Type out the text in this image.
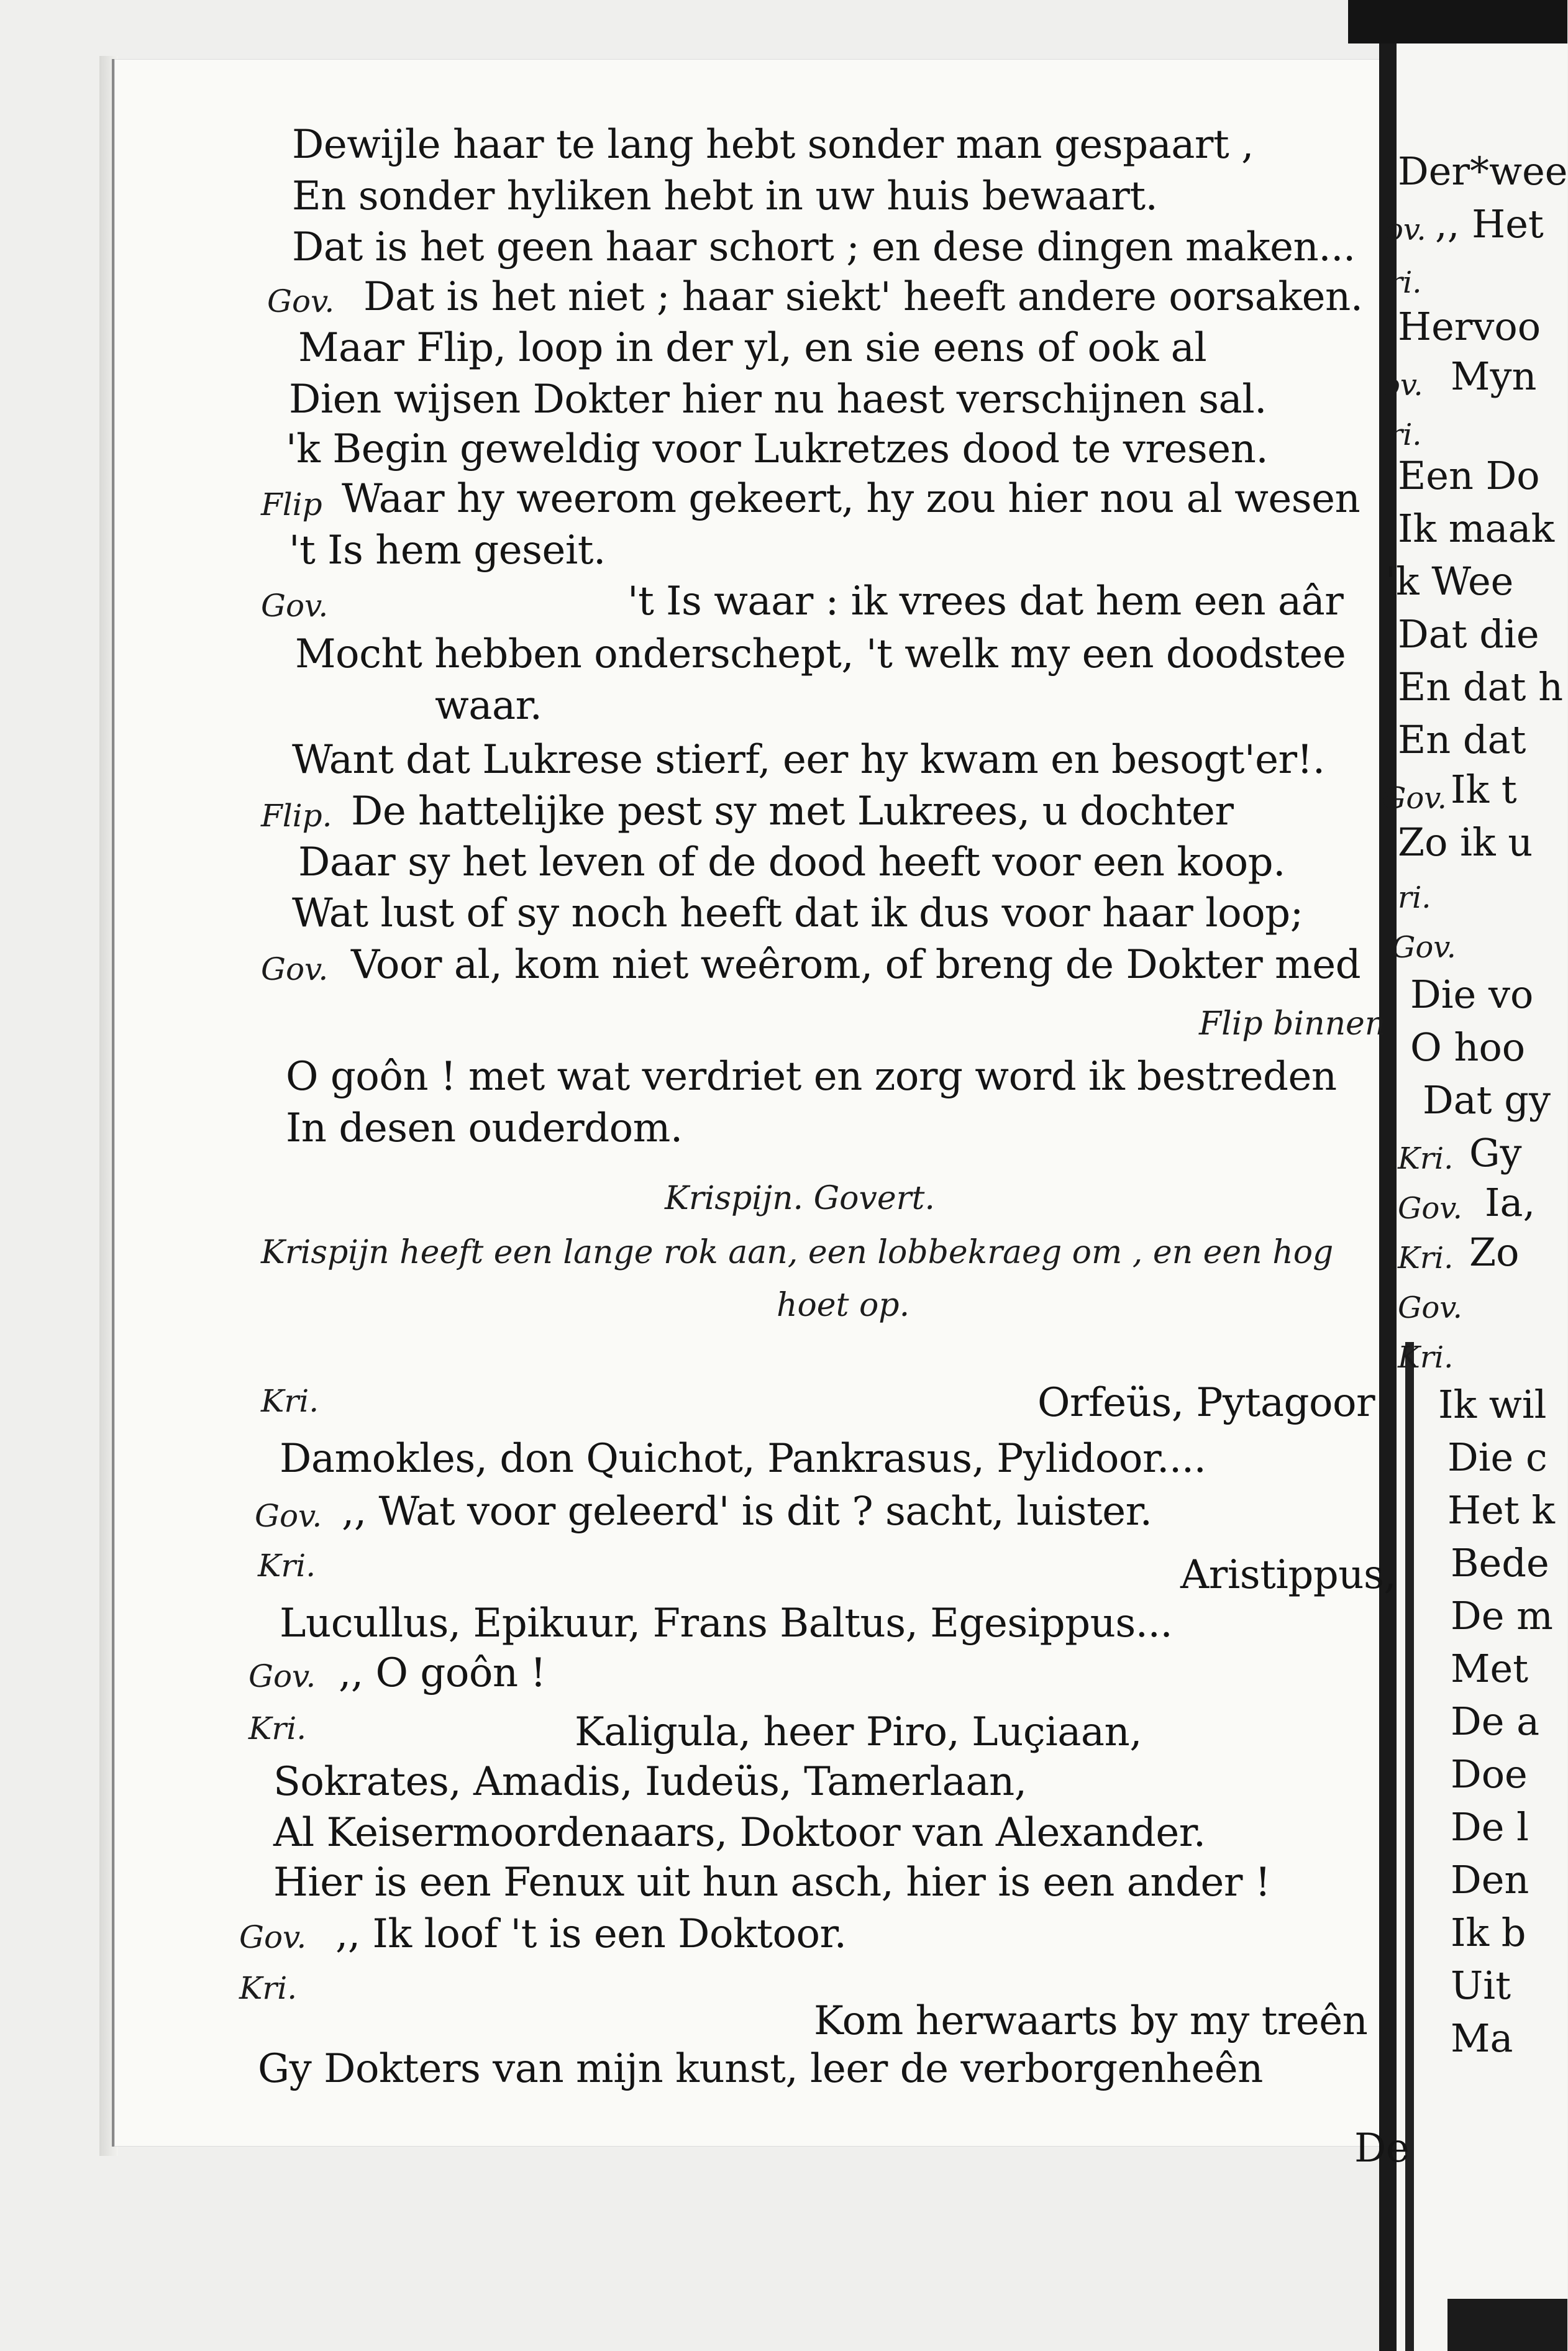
Dewijle haar te lang hebt sonder man gespaart ,
En sonder hyliken hebt in uw huis bewaart.
Dat is het geen haar schort ; en dese dingen maken...
Gov. Dat is het niet ; haar siekt' heeft andere oorsaken.
Maar Flip, loop in der yl, en sie eens of ook al
Dien wijsen Dokter hier nu haest verschijnen sal.
'k Begin geweldig voor Lukretzes dood te vresen.
Flip Waar hy weerom gekeert, hy zou hier nou al wesen
't Is hem geseit.
Gov.	't Is waar : ik vrees dat hem een aâr
Mocht hebben onderschept, 't welk my een doodstee
waar.
Want dat Lukrese stierf, eer hy kwam en besogt'er!.
Flip. De hattelijke pest sy met Lukrees, u dochter
Daar sy het leven of de dood heeft voor een koop.
Wat lust of sy noch heeft dat ik dus voor haar loop;
Gov. Voor al, kom niet weêrom, of breng de Dokter med
Flip binnen
O goôn ! met wat verdriet en zorg word ik bestreden
In desen ouderdom.
Krispijn. Govert.
Krispijn heeft een lange rok aan, een lobbekraeg om , en een hog
hoet op.
Kri.	Orfeüs, Pytagoor
Damokles, don Quichot, Pankrasus, Pylidoor....
Gov. ,, Wat voor geleerd' is dit ? sacht, luister.
Kri.	Aristippus,
Lucullus, Epikuur, Frans Baltus, Egesippus...
Gov. ,, O goôn !
Kri.	Kaligula, heer Piro, Luçiaan,
Sokrates, Amadis, Iudeüs, Tamerlaan,
Al Keisermoordenaars, Doktoor van Alexander.
Hier is een Fenux uit hun asch, hier is een ander !
Gov. ,, Ik loof 't is een Doktoor.
Kri.
Kom herwaarts by my treên
Gy Dokters van mijn kunst, leer de verborgenheên
De
Der*wee
ov. ,, Het
ri.
Hervoo
ov. Myn
ri.
Een Do
Ik maak
'k Wee
Dat die
En dat h
En dat
Gov. Ik t
Zo ik u
ri.
Gov.
Die vo
O hoo
Dat gy
Kri. Gy
Gov. Ia,
Kri. Zo
Gov.
Kri.
Ik wil
Die c
Het k
Bede
De m
Met
De a
Doe
De l
Den
Ik b
Uit
Ma
